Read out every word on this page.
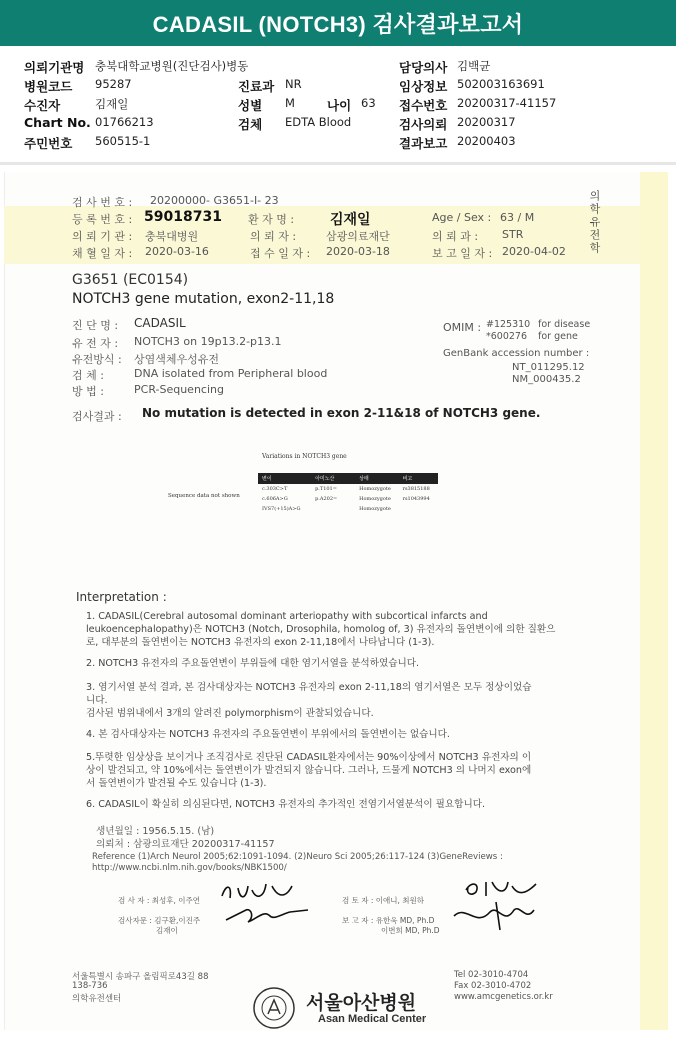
CADASIL (NOTCH3) 검사결과보고서
의뢰기관명 충북대학교병원(진단검사)병동	담당의사 김백균
병원코드 95287	진료과 NR	임상정보 502003163691
수진자	김재일	성별 M	나이 63 접수번호 20200317-41157
Chart No. 01766213	검체 EDTA Blood	검사의뢰 20200317
주민번호 560515-1	결과보고 20200403
검 사 번 호 : 20200000- G3651-I- 23
등 록 번 호 : 59018731 환 자 명 :	김재일	Age / Sex : 63 / M
의 뢰 기 관 : 충북대병원	의 뢰 자 :	삼광의료재단	의 뢰 과 : STR
채 혈 일 자 : 2020-03-16	접 수 일 자 : 2020-03-18	보 고 일 자 : 2020-04-02 의학유전학
G3651 (EC0154)
NOTCH3 gene mutation, exon2-11,18
진 단 명 : CADASIL
유 전 자 : NOTCH3 on 19p13.2-p13.1
유전방식 : 상염색체우성유전
검 체 :	DNA isolated from Peripheral blood
방 법 :	PCR-Sequencing
OMIM : #125310 for disease
*600276 for gene
GenBank accession number :
NT_011295.12
NM_000435.2
검사결과 : No mutation is detected in exon 2-11&18 of NOTCH3 gene.
Variations in NOTCH3 gene
Sequence data not shown
변이	아미노산	상태	비고
c.303C>T	p.T101=	Homozygote	rs3815188
c.606A>G	p.A202=	Homozygote	rs1043994
IVS7(+15)A>G		Homozygote	
Interpretation :
1. CADASIL(Cerebral autosomal dominant arteriopathy with subcortical infarcts and
leukoencephalopathy)은 NOTCH3 (Notch, Drosophila, homolog of, 3) 유전자의 돌연변이에 의한 질환으
로, 대부분의 돌연변이는 NOTCH3 유전자의 exon 2-11,18에서 나타납니다 (1-3).
2. NOTCH3 유전자의 주요돌연변이 부위들에 대한 염기서열을 분석하였습니다.
3. 염기서열 분석 결과, 본 검사대상자는 NOTCH3 유전자의 exon 2-11,18의 염기서열은 모두 정상이었습
니다.
검사된 범위내에서 3개의 알려진 polymorphism이 관찰되었습니다.
4. 본 검사대상자는 NOTCH3 유전자의 주요돌연변이 부위에서의 돌연변이는 없습니다.
5.뚜렷한 임상상을 보이거나 조직검사로 진단된 CADASIL환자에서는 90%이상에서 NOTCH3 유전자의 이
상이 발견되고, 약 10%에서는 돌연변이가 발견되지 않습니다. 그러나, 드물게 NOTCH3 의 나머지 exon에
서 돌연변이가 발견될 수도 있습니다 (1-3).
6. CADASIL이 확실히 의심된다면, NOTCH3 유전자의 추가적인 전염기서열분석이 필요합니다.
생년월일 : 1956.5.15. (남)
의뢰처 : 삼광의료재단 20200317-41157
Reference (1)Arch Neurol 2005;62:1091-1094. (2)Neuro Sci 2005;26:117-124 (3)GeneReviews :
http://www.ncbi.nlm.nih.gov/books/NBK1500/
검 사 자 : 최성후, 이주연	검 토 자 : 이애니, 최원하
검사자문 : 김구환,이진주
김재이
보 고 자 : 유한욱 MD, Ph.D
이번희 MD, Ph.D
서울특별시 송파구 올림픽로43길 88
138-736
의학유전센터
Tel 02-3010-4704
Fax 02-3010-4702
www.amcgenetics.or.kr
서울아산병원
Asan Medical Center
